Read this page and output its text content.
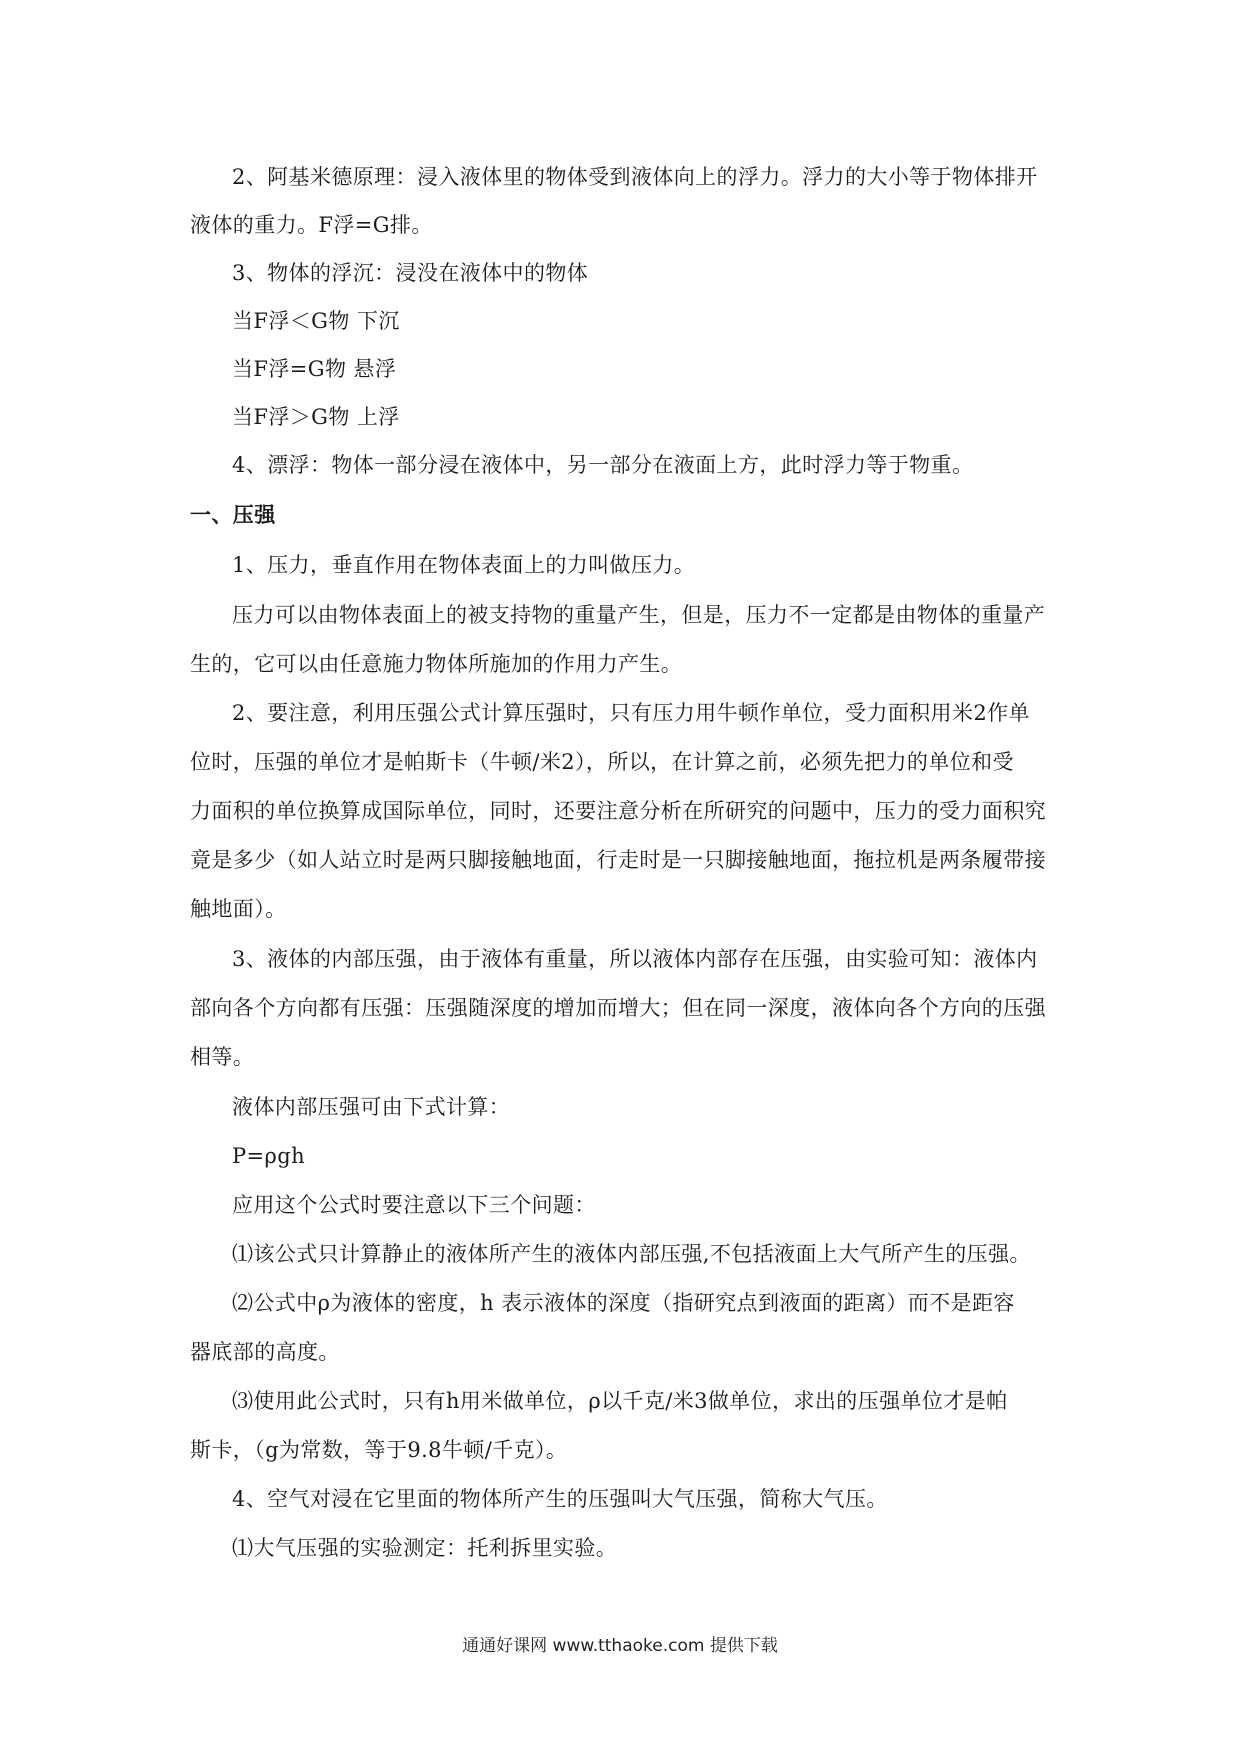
2、阿基米德原理：浸入液体里的物体受到液体向上的浮力。浮力的大小等于物体排开
液体的重力。F浮=G排。
3、物体的浮沉：浸没在液体中的物体
当F浮＜G物 下沉
当F浮=G物 悬浮
当F浮＞G物 上浮
4、漂浮：物体一部分浸在液体中，另一部分在液面上方，此时浮力等于物重。
一、压强
1、压力，垂直作用在物体表面上的力叫做压力。
压力可以由物体表面上的被支持物的重量产生，但是，压力不一定都是由物体的重量产
生的，它可以由任意施力物体所施加的作用力产生。
2、要注意，利用压强公式计算压强时，只有压力用牛顿作单位，受力面积用米2作单
位时，压强的单位才是帕斯卡（牛顿/米2），所以，在计算之前，必须先把力的单位和受
力面积的单位换算成国际单位，同时，还要注意分析在所研究的问题中，压力的受力面积究
竟是多少（如人站立时是两只脚接触地面，行走时是一只脚接触地面，拖拉机是两条履带接
触地面）。
3、液体的内部压强，由于液体有重量，所以液体内部存在压强，由实验可知：液体内
部向各个方向都有压强：压强随深度的增加而增大；但在同一深度，液体向各个方向的压强
相等。
液体内部压强可由下式计算：
P=ρgh
应用这个公式时要注意以下三个问题：
⑴该公式只计算静止的液体所产生的液体内部压强,不包括液面上大气所产生的压强。
⑵公式中ρ为液体的密度，h 表示液体的深度（指研究点到液面的距离）而不是距容
器底部的高度。
⑶使用此公式时，只有h用米做单位，ρ以千克/米3做单位，求出的压强单位才是帕
斯卡，（g为常数，等于9.8牛顿/千克）。
4、空气对浸在它里面的物体所产生的压强叫大气压强，简称大气压。
⑴大气压强的实验测定：托利拆里实验。
通通好课网 www.tthaoke.com 提供下载
